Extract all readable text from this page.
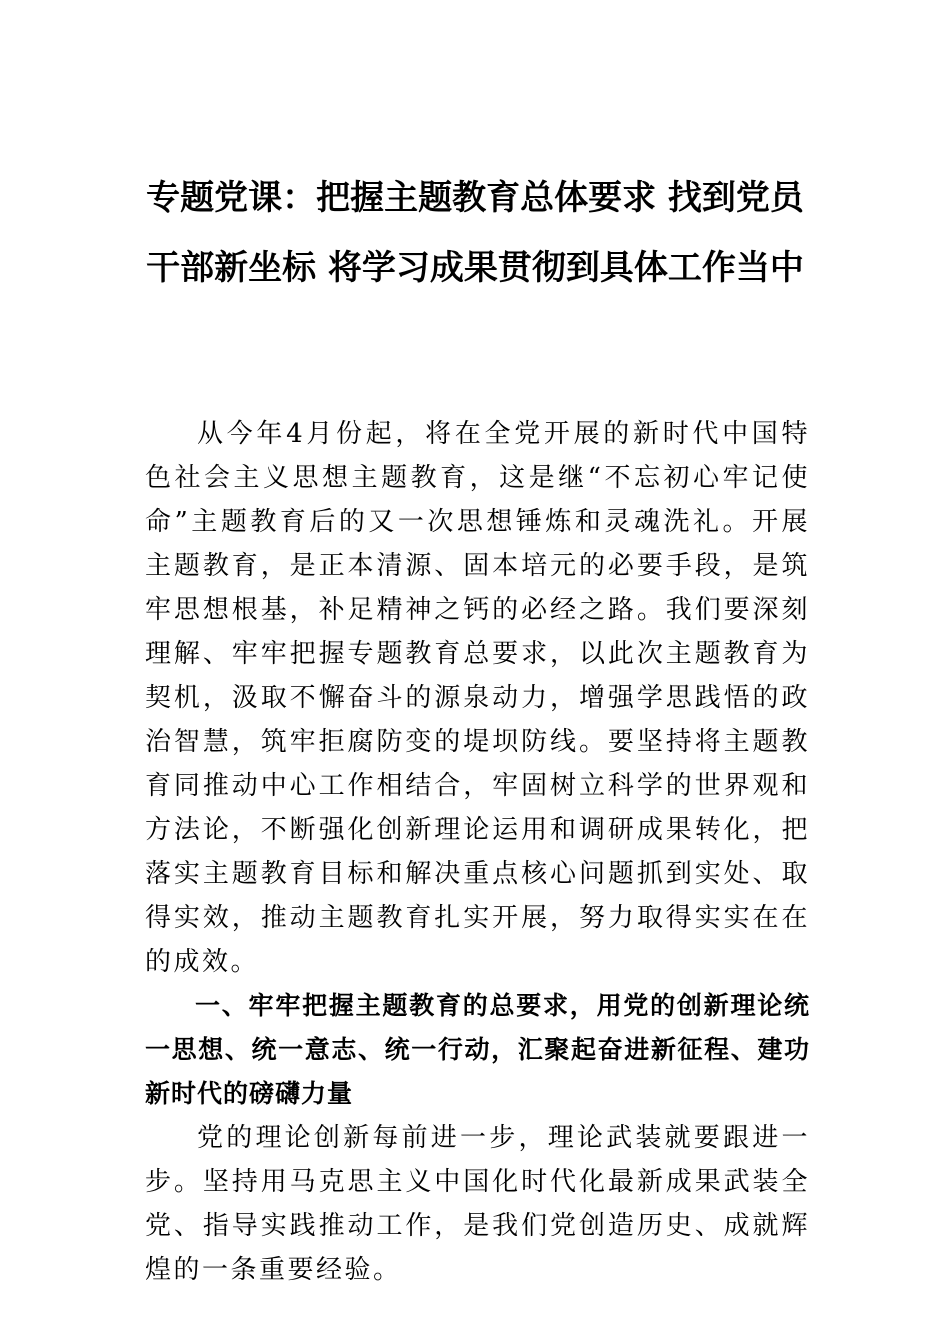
专题党课：把握主题教育总体要求 找到党员干部新坐标 将学习成果贯彻到具体工作当中

从今年4月份起，将在全党开展的新时代中国特色社会主义思想主题教育，这是继“不忘初心牢记使命”主题教育后的又一次思想锤炼和灵魂洗礼。开展主题教育，是正本清源、固本培元的必要手段，是筑牢思想根基，补足精神之钙的必经之路。我们要深刻理解、牢牢把握专题教育总要求，以此次主题教育为契机，汲取不懈奋斗的源泉动力，增强学思践悟的政治智慧，筑牢拒腐防变的堤坝防线。要坚持将主题教育同推动中心工作相结合，牢固树立科学的世界观和方法论，不断强化创新理论运用和调研成果转化，把落实主题教育目标和解决重点核心问题抓到实处、取得实效，推动主题教育扎实开展，努力取得实实在在的成效。

一、牢牢把握主题教育的总要求，用党的创新理论统一思想、统一意志、统一行动，汇聚起奋进新征程、建功新时代的磅礴力量

党的理论创新每前进一步，理论武装就要跟进一步。坚持用马克思主义中国化时代化最新成果武装全党、指导实践推动工作，是我们党创造历史、成就辉煌的一条重要经验。
